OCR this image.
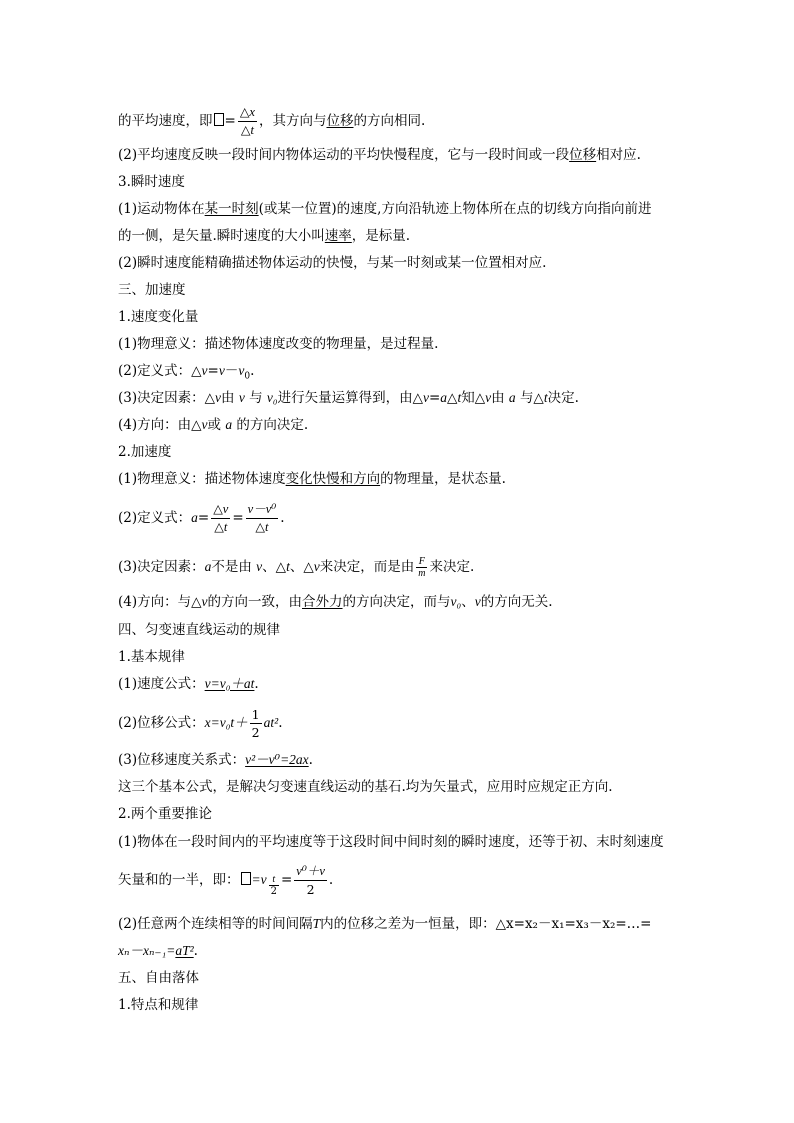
的平均速度，即 = $\frac{\triangle x}{\triangle t}$ ，其方向与位移的方向相同.
(2)平均速度反映一段时间内物体运动的平均快慢程度，它与一段时间或一段位移相对应.
3.瞬时速度
(1)运动物体在某一时刻(或某一位置)的速度,方向沿轨迹上物体所在点的切线方向指向前进
的一侧，是矢量.瞬时速度的大小叫速率，是标量.
(2)瞬时速度能精确描述物体运动的快慢，与某一时刻或某一位置相对应.
三、加速度
1.速度变化量
(1)物理意义：描述物体速度改变的物理量，是过程量.
(2)定义式：$\triangle v=v-v_0$.
(3)决定因素：△v由 v 与 v₀进行矢量运算得到，由△v=a△t知△v由 a 与△t决定.
(4)方向：由△v或 a 的方向决定.
2.加速度
(1)物理意义：描述物体速度变化快慢和方向的物理量，是状态量.
(2)定义式：$a= \frac{\triangle v}{\triangle t} = \frac{\text{v－v⁰}}{\triangle t}$ .
(3)决定因素：a不是由 v、△t、△v来决定，而是由 $\frac{F}{m}$ 来决定.
(4)方向：与△v的方向一致，由合外力的方向决定，而与v₀、v的方向无关.
四、匀变速直线运动的规律
1.基本规律
(1)速度公式：v=v₀＋at.
(2)位移公式：$x=v_0t+ \frac{1}{2} at^2$.
(3)位移速度关系式：v²－v⁰=2ax.
这三个基本公式，是解决匀变速直线运动的基石.均为矢量式，应用时应规定正方向.
2.两个重要推论
(1)物体在一段时间内的平均速度等于这段时间中间时刻的瞬时速度，还等于初、末时刻速度
矢量和的一半，即： $=v \frac{t}{2} = \frac{\text{v⁰＋v}}{2}$ .
(2)任意两个连续相等的时间间隔T内的位移之差为一恒量，即：△x=x₂－x₁=x₃－x₂=…=
xₙ－xₙ₋₁=aT².
五、自由落体
1.特点和规律
